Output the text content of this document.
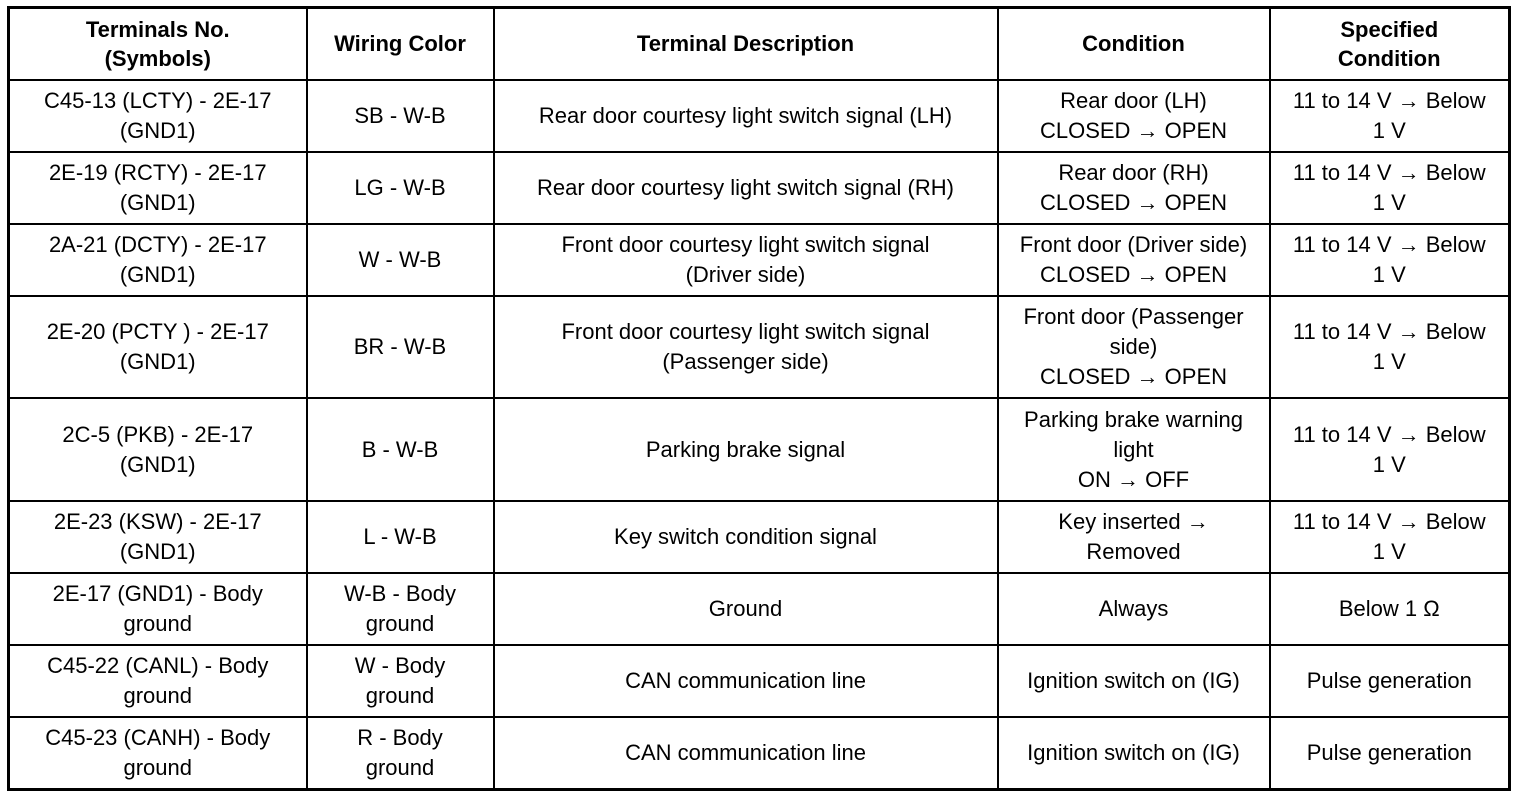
Terminals No.
(Symbols)	Wiring Color	Terminal Description	Condition	Specified
Condition

C45-13 (LCTY) - 2E-17
(GND1)	SB - W-B	Rear door courtesy light switch signal (LH)	Rear door (LH)
CLOSED → OPEN	11 to 14 V → Below
1 V

2E-19 (RCTY) - 2E-17
(GND1)	LG - W-B	Rear door courtesy light switch signal (RH)	Rear door (RH)
CLOSED → OPEN	11 to 14 V → Below
1 V

2A-21 (DCTY) - 2E-17
(GND1)	W - W-B	Front door courtesy light switch signal
(Driver side)	Front door (Driver side)
CLOSED → OPEN	11 to 14 V → Below
1 V

2E-20 (PCTY ) - 2E-17
(GND1)	BR - W-B	Front door courtesy light switch signal
(Passenger side)	Front door (Passenger
side)
CLOSED → OPEN	11 to 14 V → Below
1 V

2C-5 (PKB) - 2E-17
(GND1)	B - W-B	Parking brake signal	Parking brake warning
light
ON → OFF	11 to 14 V → Below
1 V

2E-23 (KSW) - 2E-17
(GND1)	L - W-B	Key switch condition signal	Key inserted →
Removed	11 to 14 V → Below
1 V

2E-17 (GND1) - Body
ground	W-B - Body
ground	Ground	Always	Below 1 Ω

C45-22 (CANL) - Body
ground	W - Body
ground	CAN communication line	Ignition switch on (IG)	Pulse generation

C45-23 (CANH) - Body
ground	R - Body
ground	CAN communication line	Ignition switch on (IG)	Pulse generation
